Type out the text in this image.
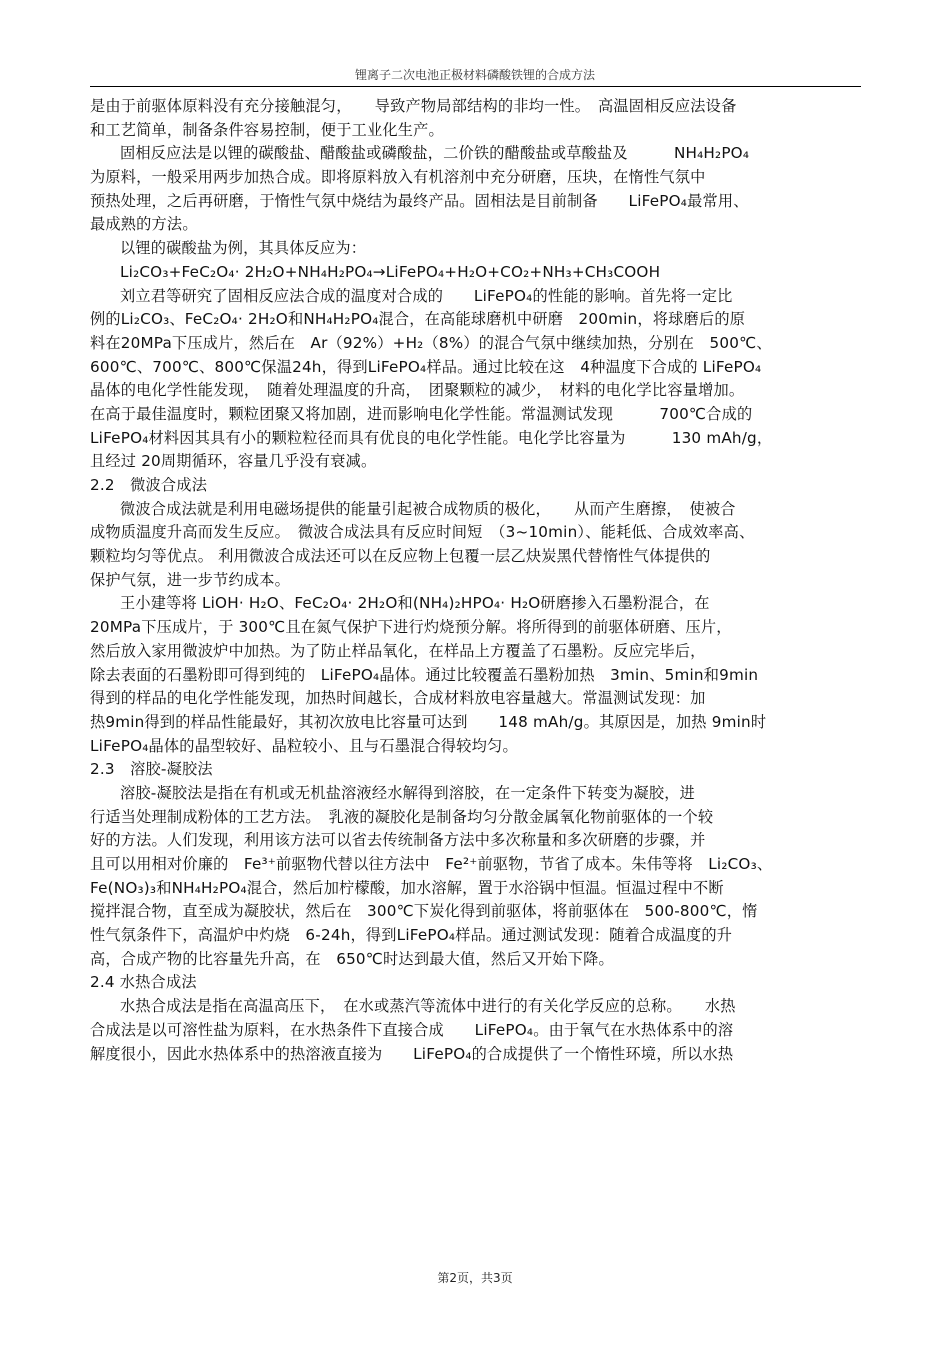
锂离子二次电池正极材料磷酸铁锂的合成方法
是由于前驱体原料没有充分接触混匀，　　导致产物局部结构的非均一性。　高温固相反应法设备
和工艺简单，制备条件容易控制，便于工业化生产。
固相反应法是以锂的碳酸盐、醋酸盐或磷酸盐，二价铁的醋酸盐或草酸盐及　　　NH₄H₂PO₄
为原料，一般采用两步加热合成。即将原料放入有机溶剂中充分研磨，压块，在惰性气氛中
预热处理，之后再研磨，于惰性气氛中烧结为最终产品。固相法是目前制备　　LiFePO₄最常用、
最成熟的方法。
以锂的碳酸盐为例，其具体反应为：
Li₂CO₃+FeC₂O₄· 2H₂O+NH₄H₂PO₄→LiFePO₄+H₂O+CO₂+NH₃+CH₃COOH
刘立君等研究了固相反应法合成的温度对合成的　　LiFePO₄的性能的影响。首先将一定比
例的Li₂CO₃、FeC₂O₄· 2H₂O和NH₄H₂PO₄混合，在高能球磨机中研磨　200min，将球磨后的原
料在20MPa下压成片，然后在　Ar（92%）+H₂（8%）的混合气氛中继续加热，分别在　500℃、
600℃、700℃、800℃保温24h，得到LiFePO₄样品。通过比较在这　4种温度下合成的 LiFePO₄
晶体的电化学性能发现，　随着处理温度的升高，　团聚颗粒的减少，　材料的电化学比容量增加。
在高于最佳温度时，颗粒团聚又将加剧，进而影响电化学性能。常温测试发现　　　700℃合成的
LiFePO₄材料因其具有小的颗粒粒径而具有优良的电化学性能。电化学比容量为　　　130 mAh/g，
且经过 20周期循环，容量几乎没有衰减。
2.2　微波合成法
微波合成法就是利用电磁场提供的能量引起被合成物质的极化，　　从而产生磨擦，　使被合
成物质温度升高而发生反应。　微波合成法具有反应时间短　（3~10min）、能耗低、合成效率高、
颗粒均匀等优点。 利用微波合成法还可以在反应物上包覆一层乙炔炭黑代替惰性气体提供的
保护气氛，进一步节约成本。
王小建等将 LiOH· H₂O、FeC₂O₄· 2H₂O和(NH₄)₂HPO₄· H₂O研磨掺入石墨粉混合，在
20MPa下压成片，于 300℃且在氮气保护下进行灼烧预分解。将所得到的前驱体研磨、压片，
然后放入家用微波炉中加热。为了防止样品氧化，在样品上方覆盖了石墨粉。反应完毕后，
除去表面的石墨粉即可得到纯的　LiFePO₄晶体。通过比较覆盖石墨粉加热　3min、5min和9min
得到的样品的电化学性能发现，加热时间越长，合成材料放电容量越大。常温测试发现：加
热9min得到的样品性能最好，其初次放电比容量可达到　　148 mAh/g。其原因是，加热 9min时
LiFePO₄晶体的晶型较好、晶粒较小、且与石墨混合得较均匀。
2.3　溶胶-凝胶法
溶胶-凝胶法是指在有机或无机盐溶液经水解得到溶胶，在一定条件下转变为凝胶，进
行适当处理制成粉体的工艺方法。　乳液的凝胶化是制备均匀分散金属氧化物前驱体的一个较
好的方法。人们发现，利用该方法可以省去传统制备方法中多次称量和多次研磨的步骤，并
且可以用相对价廉的　Fe³⁺前驱物代替以往方法中　Fe²⁺前驱物，节省了成本。朱伟等将　Li₂CO₃、
Fe(NO₃)₃和NH₄H₂PO₄混合，然后加柠檬酸，加水溶解，置于水浴锅中恒温。恒温过程中不断
搅拌混合物，直至成为凝胶状，然后在　300℃下炭化得到前驱体，将前驱体在　500-800℃，惰
性气氛条件下，高温炉中灼烧　6-24h，得到LiFePO₄样品。通过测试发现：随着合成温度的升
高，合成产物的比容量先升高，在　650℃时达到最大值，然后又开始下降。
2.4 水热合成法
水热合成法是指在高温高压下，　在水或蒸汽等流体中进行的有关化学反应的总称。　　水热
合成法是以可溶性盐为原料，在水热条件下直接合成　　LiFePO₄。由于氧气在水热体系中的溶
解度很小，因此水热体系中的热溶液直接为　　LiFePO₄的合成提供了一个惰性环境，所以水热
第2页，共3页
